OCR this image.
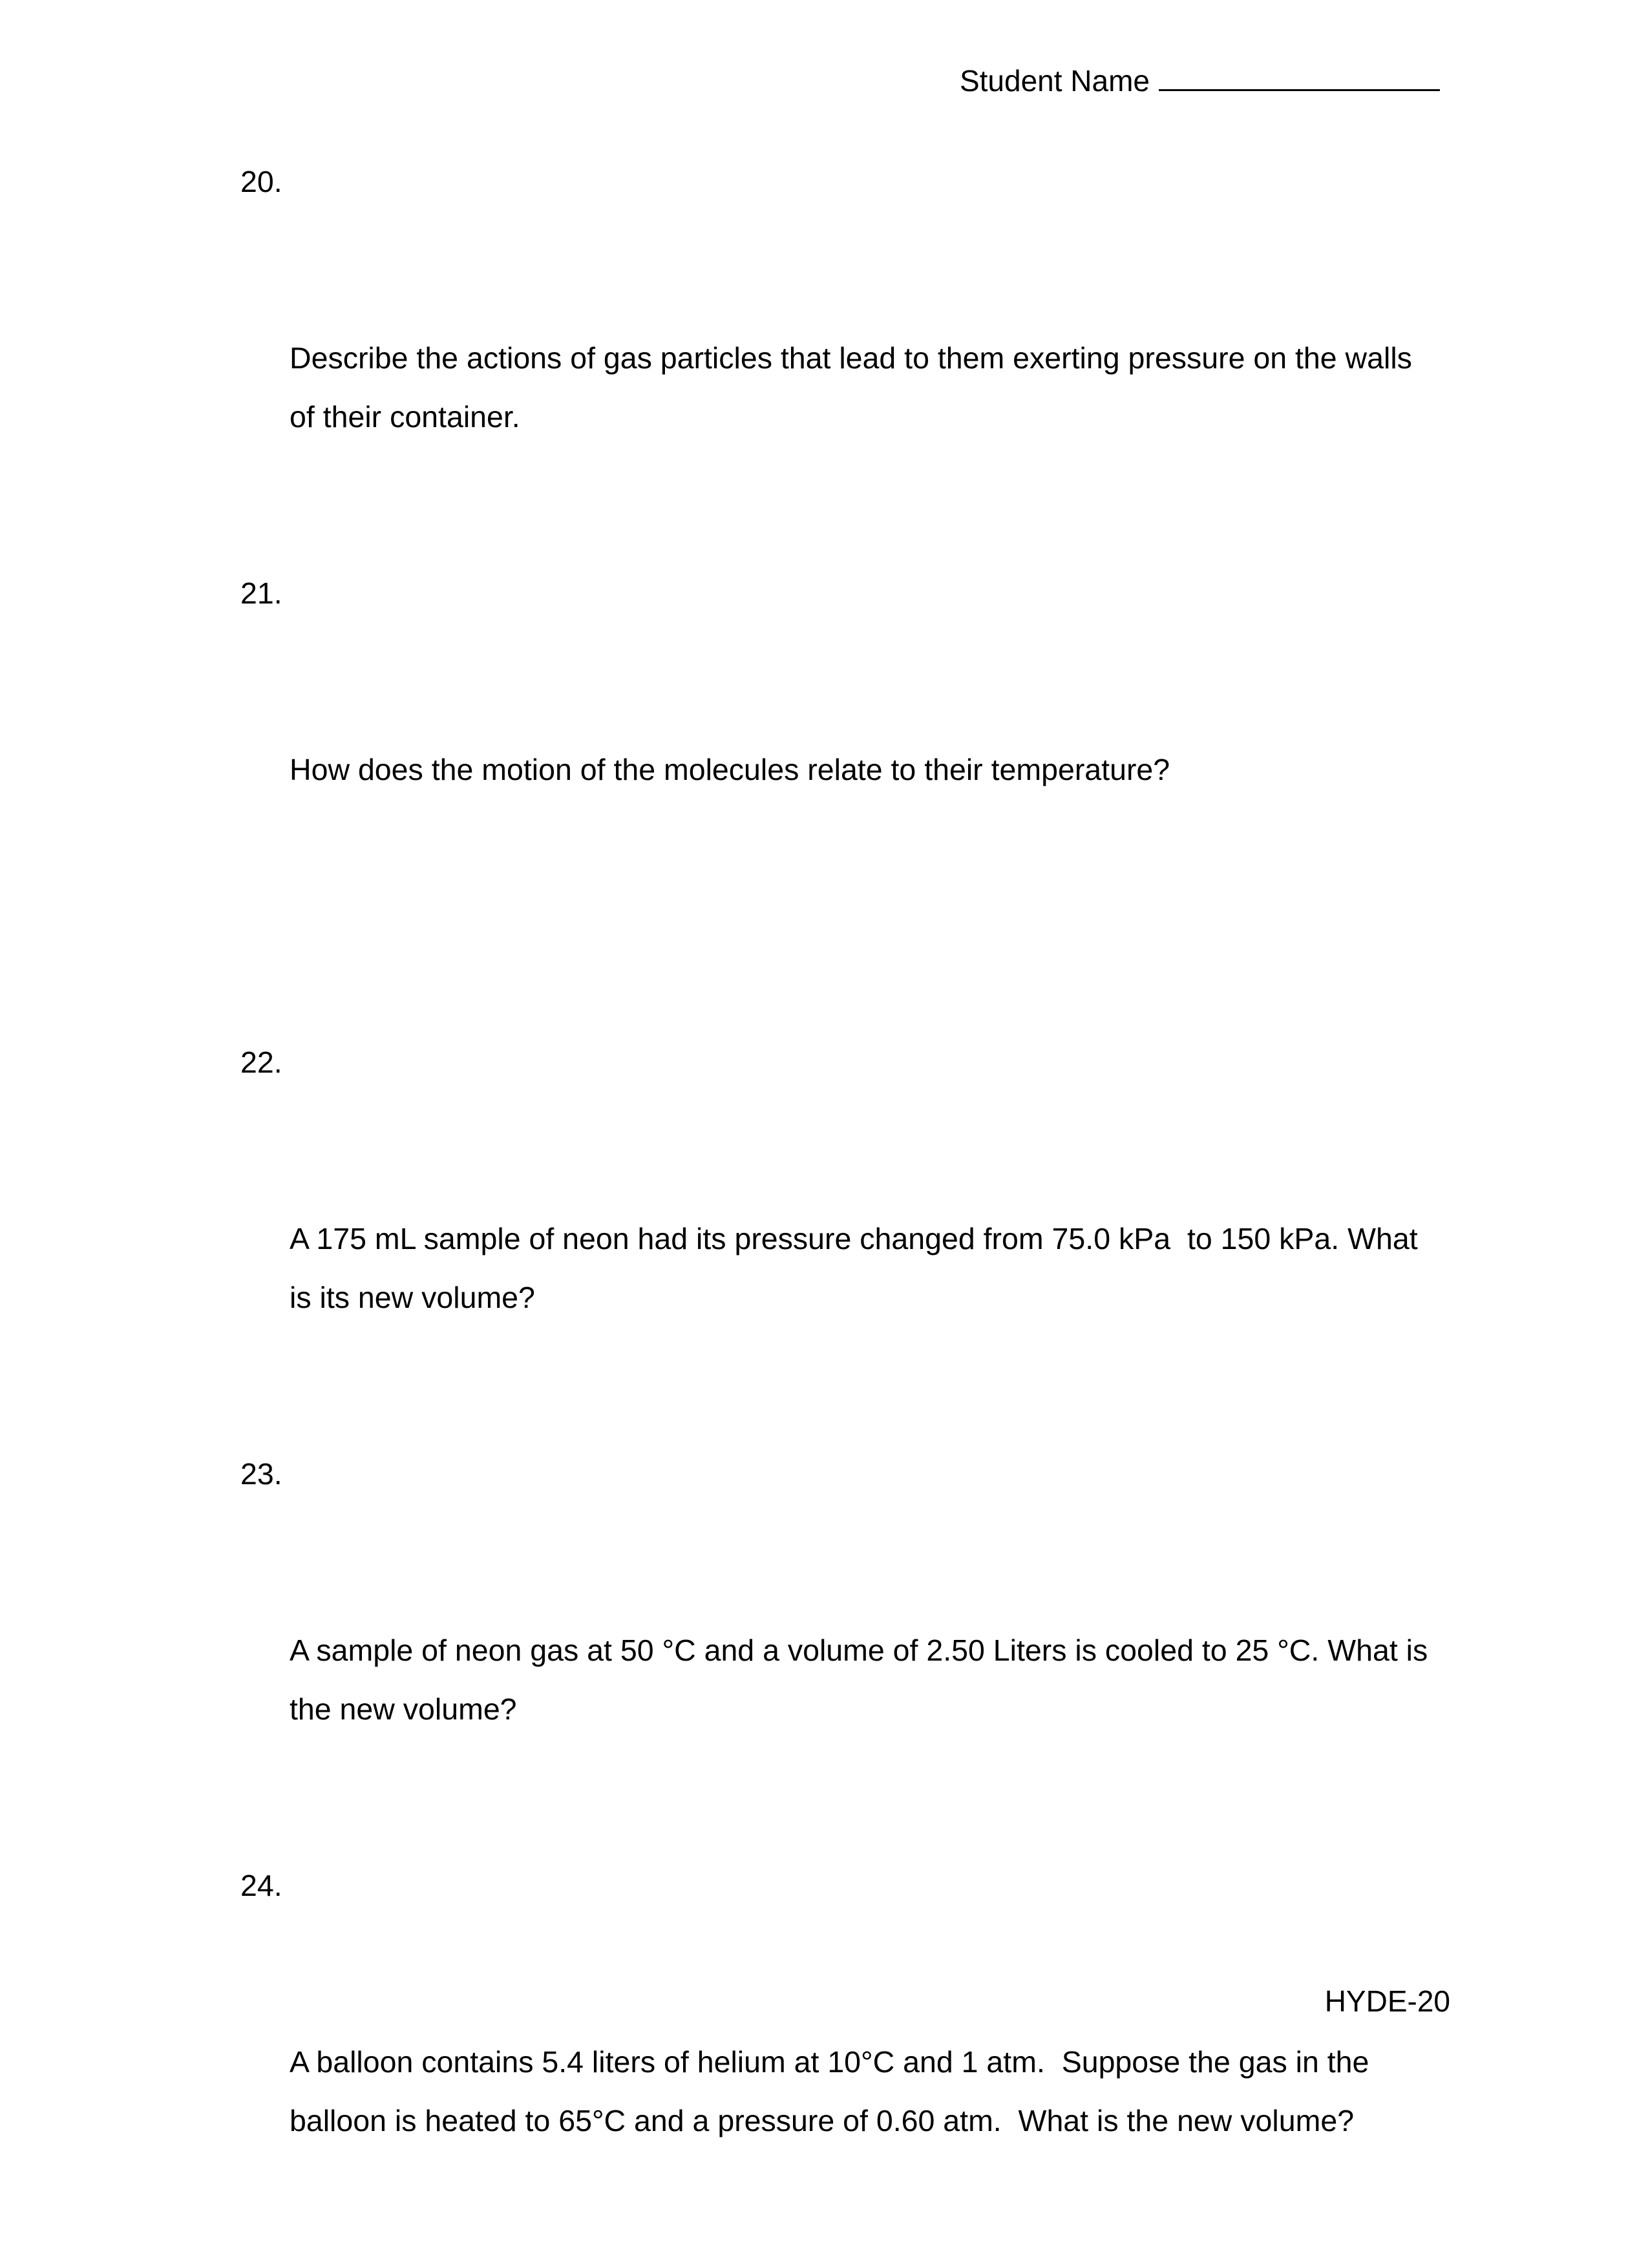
Student Name

20.

Describe the actions of gas particles that lead to them exerting pressure on the walls of their container.

21.

How does the motion of the molecules relate to their temperature?

22.

A 175 mL sample of neon had its pressure changed from 75.0 kPa  to 150 kPa. What is its new volume?

23.

A sample of neon gas at 50 °C and a volume of 2.50 Liters is cooled to 25 °C. What is the new volume?

24.

A balloon contains 5.4 liters of helium at 10°C and 1 atm.  Suppose the gas in the balloon is heated to 65°C and a pressure of 0.60 atm.  What is the new volume?

HYDE-20
